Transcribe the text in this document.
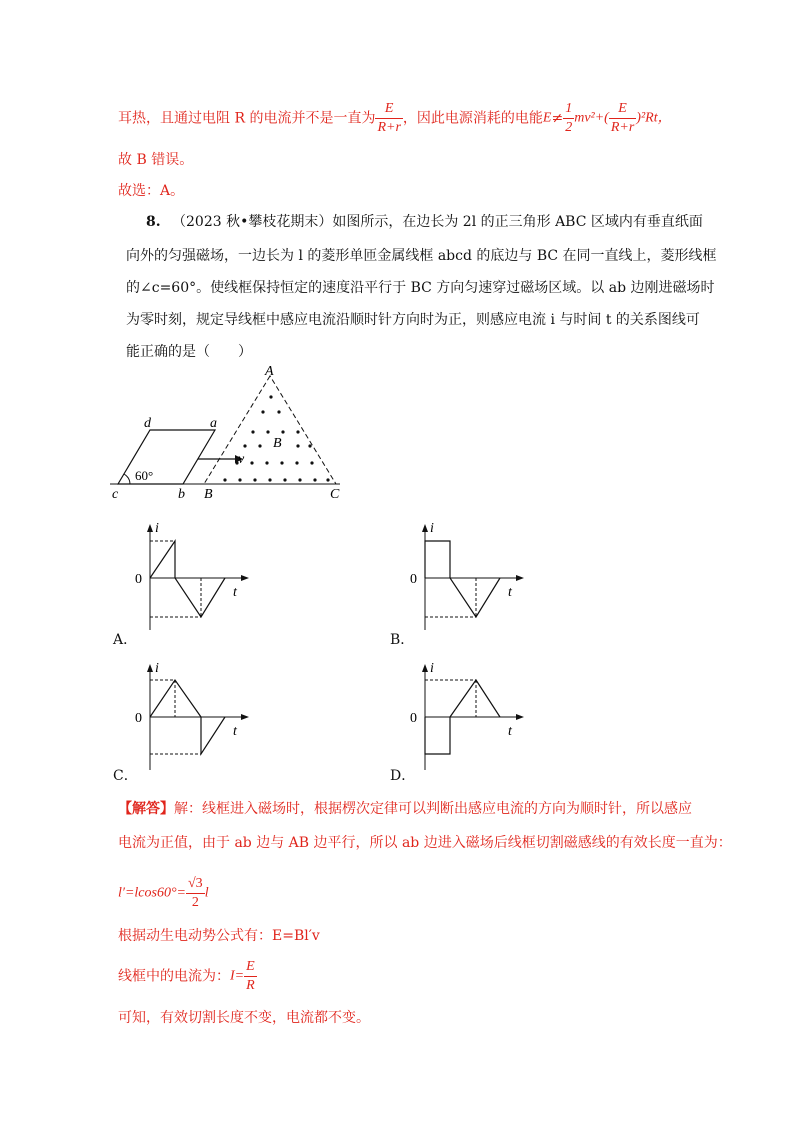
耳热，且通过电阻 R 的电流并不是一直为 $\frac{E}{R+r}$ ，因此电源消耗的电能$E\ne \frac{1}{2} mv^2+( \frac{E}{R+r} )^2Rt$，
故 B 错误。
故选：A。
8. （2023 秋•攀枝花期末）如图所示，在边长为 2l 的正三角形 ABC 区域内有垂直纸面
向外的匀强磁场，一边长为 l 的菱形单匝金属线框 abcd 的底边与 BC 在同一直线上，菱形线框
的∠c=60°。使线框保持恒定的速度沿平行于 BC 方向匀速穿过磁场区域。以 ab 边刚进磁场时
为零时刻，规定导线框中感应电流沿顺时针方向时为正，则感应电流 i 与时间 t 的关系图线可
能正确的是（　　）
A
B	C
a
b
c
d
B
v
60°
i
t
0
A．
i
t
0
B．
i
t
0
C．
i
t
0
D．
【解答】解：线框进入磁场时，根据楞次定律可以判断出感应电流的方向为顺时针，所以感应
电流为正值，由于 ab 边与 AB 边平行，所以 ab 边进入磁场后线框切割磁感线的有效长度一直为：
$l'=lcos60^\circ= \frac{√3}{2}$ l
根据动生电动势公式有：E=Bl′v
线框中的电流为：$I= \frac{E}{R}$
可知，有效切割长度不变，电流都不变。
